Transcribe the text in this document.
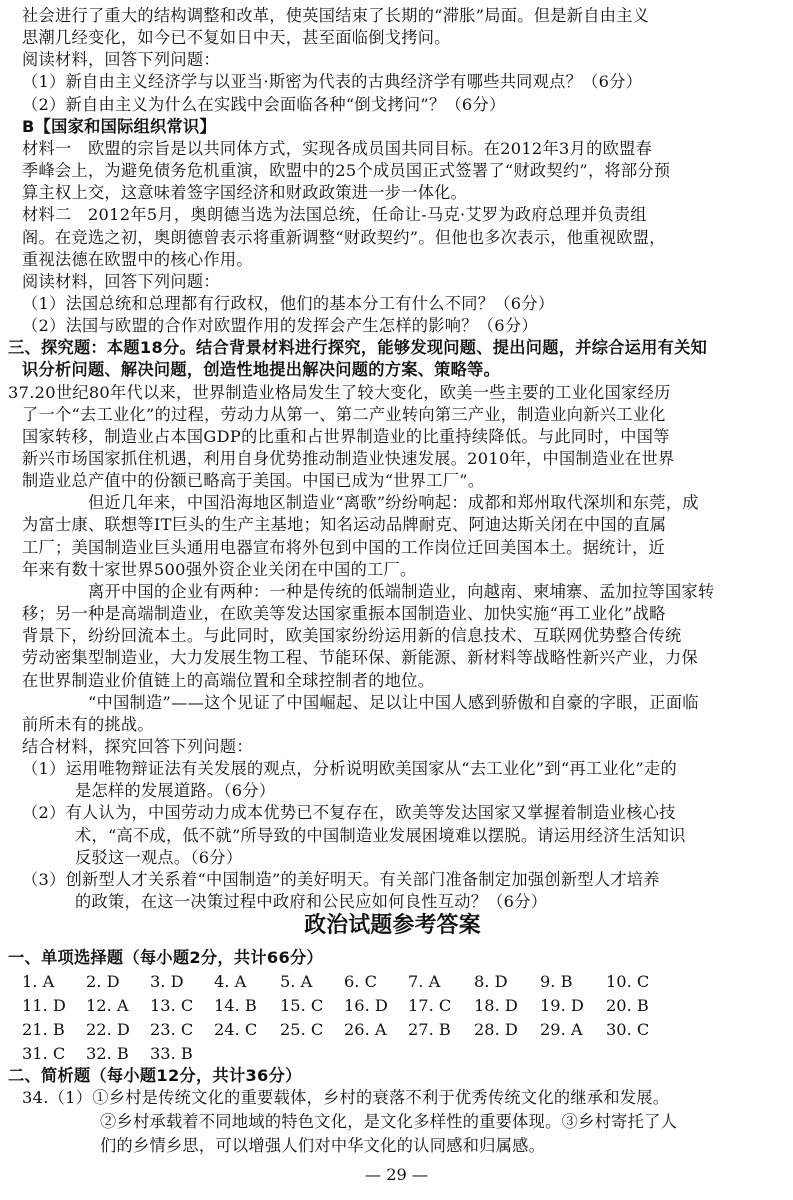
社会进行了重大的结构调整和改革，使英国结束了长期的“滞胀”局面。但是新自由主义
思潮几经变化，如今已不复如日中天，甚至面临倒戈拷问。
阅读材料，回答下列问题：
（1）新自由主义经济学与以亚当·斯密为代表的古典经济学有哪些共同观点？（6分）
（2）新自由主义为什么在实践中会面临各种“倒戈拷问”？（6分）
B【国家和国际组织常识】
材料一　欧盟的宗旨是以共同体方式，实现各成员国共同目标。在2012年3月的欧盟春
季峰会上，为避免债务危机重演，欧盟中的25个成员国正式签署了“财政契约”，将部分预
算主权上交，这意味着签字国经济和财政政策进一步一体化。
材料二　2012年5月，奥朗德当选为法国总统，任命让-马克·艾罗为政府总理并负责组
阁。在竞选之初，奥朗德曾表示将重新调整“财政契约”。但他也多次表示，他重视欧盟，
重视法德在欧盟中的核心作用。
阅读材料，回答下列问题：
（1）法国总统和总理都有行政权，他们的基本分工有什么不同？（6分）
（2）法国与欧盟的合作对欧盟作用的发挥会产生怎样的影响？（6分）
三、探究题：本题18分。结合背景材料进行探究，能够发现问题、提出问题，并综合运用有关知
识分析问题、解决问题，创造性地提出解决问题的方案、策略等。
37.20世纪80年代以来，世界制造业格局发生了较大变化，欧美一些主要的工业化国家经历
了一个“去工业化”的过程，劳动力从第一、第二产业转向第三产业，制造业向新兴工业化
国家转移，制造业占本国GDP的比重和占世界制造业的比重持续降低。与此同时，中国等
新兴市场国家抓住机遇，利用自身优势推动制造业快速发展。2010年，中国制造业在世界
制造业总产值中的份额已略高于美国。中国已成为“世界工厂”。
但近几年来，中国沿海地区制造业“离歌”纷纷响起：成都和郑州取代深圳和东莞，成
为富士康、联想等IT巨头的生产主基地；知名运动品牌耐克、阿迪达斯关闭在中国的直属
工厂；美国制造业巨头通用电器宣布将外包到中国的工作岗位迁回美国本土。据统计，近
年来有数十家世界500强外资企业关闭在中国的工厂。
离开中国的企业有两种：一种是传统的低端制造业，向越南、柬埔寨、孟加拉等国家转
移；另一种是高端制造业，在欧美等发达国家重振本国制造业、加快实施“再工业化”战略
背景下，纷纷回流本土。与此同时，欧美国家纷纷运用新的信息技术、互联网优势整合传统
劳动密集型制造业，大力发展生物工程、节能环保、新能源、新材料等战略性新兴产业，力保
在世界制造业价值链上的高端位置和全球控制者的地位。
“中国制造”——这个见证了中国崛起、足以让中国人感到骄傲和自豪的字眼，正面临
前所未有的挑战。
结合材料，探究回答下列问题：
（1）运用唯物辩证法有关发展的观点，分析说明欧美国家从“去工业化”到“再工业化”走的
是怎样的发展道路。（6分）
（2）有人认为，中国劳动力成本优势已不复存在，欧美等发达国家又掌握着制造业核心技
术，“高不成，低不就”所导致的中国制造业发展困境难以摆脱。请运用经济生活知识
反驳这一观点。（6分）
（3）创新型人才关系着“中国制造”的美好明天。有关部门准备制定加强创新型人才培养
的政策，在这一决策过程中政府和公民应如何良性互动？（6分）
政治试题参考答案
一、单项选择题（每小题2分，共计66分）
1. A 2. D 3. D 4. A 5. A 6. C 7. A 8. D 9. B 10. C
11. D 12. A 13. C 14. B 15. C 16. D 17. C 18. D 19. D 20. B
21. B 22. D 23. C 24. C 25. C 26. A 27. B 28. D 29. A 30. C
31. C 32. B 33. B
二、简析题（每小题12分，共计36分）
34.（1）①乡村是传统文化的重要载体，乡村的衰落不利于优秀传统文化的继承和发展。
②乡村承载着不同地域的特色文化，是文化多样性的重要体现。③乡村寄托了人
们的乡情乡思，可以增强人们对中华文化的认同感和归属感。
— 29 —
